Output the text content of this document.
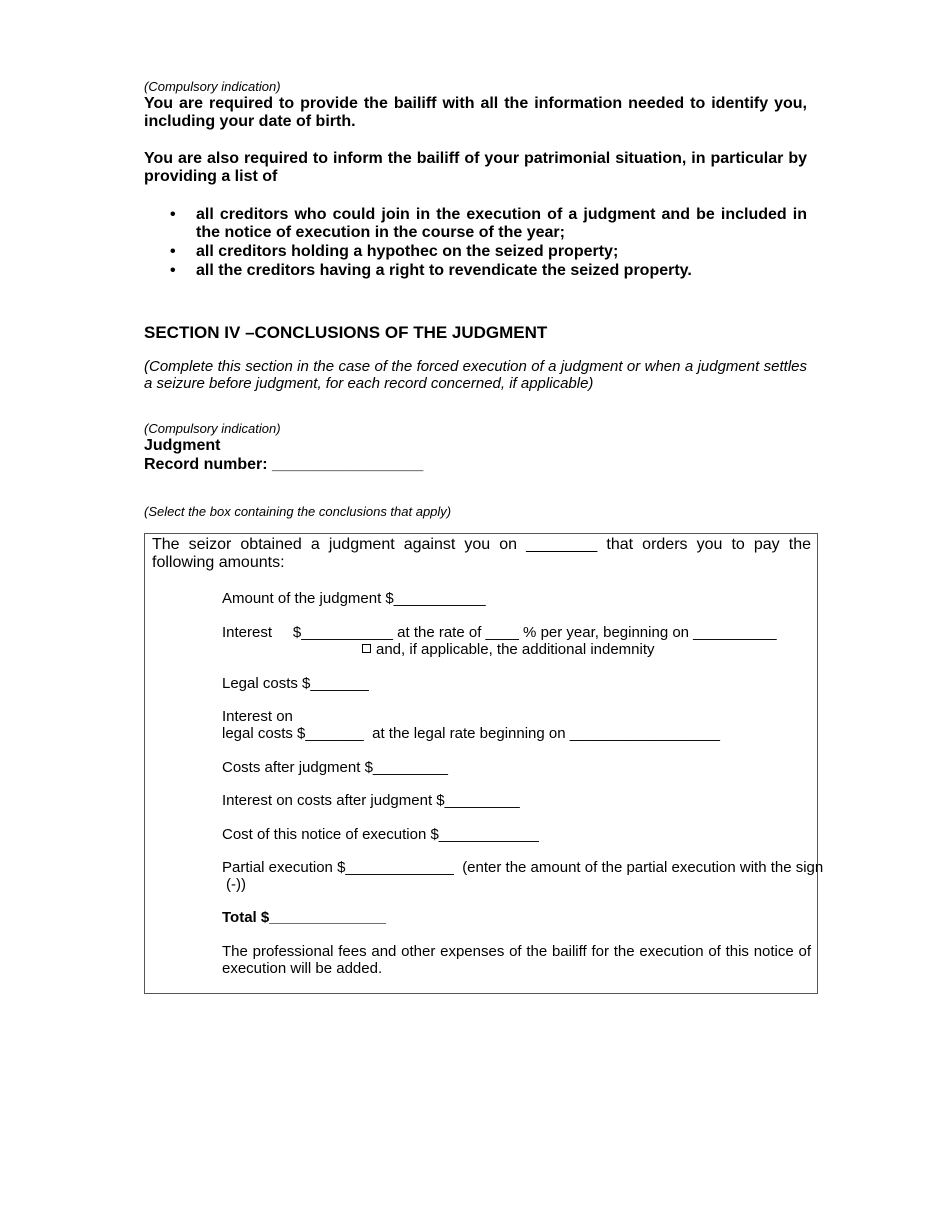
(Compulsory indication)
You are required to provide the bailiff with all the information needed to identify you, including your date of birth.
You are also required to inform the bailiff of your patrimonial situation, in particular by providing a list of
• all creditors who could join in the execution of a judgment and be included in the notice of execution in the course of the year;
• all creditors holding a hypothec on the seized property;
• all the creditors having a right to revendicate the seized property.
SECTION IV –CONCLUSIONS OF THE JUDGMENT
(Complete this section in the case of the forced execution of a judgment or when a judgment settles a seizure before judgment, for each record concerned, if applicable)
(Compulsory indication)
Judgment
Record number: _________________
(Select the box containing the conclusions that apply)
The seizor obtained a judgment against you on ________ that orders you to pay the following amounts:
Amount of the judgment $___________
Interest     $___________ at the rate of ____ % per year, beginning on __________
and, if applicable, the additional indemnity
Legal costs $_______
Interest on
legal costs $_______  at the legal rate beginning on __________________
Costs after judgment $_________
Interest on costs after judgment $_________
Cost of this notice of execution $____________
Partial execution $_____________  (enter the amount of the partial execution with the sign
(-))
Total $______________
The professional fees and other expenses of the bailiff for the execution of this notice of execution will be added.
